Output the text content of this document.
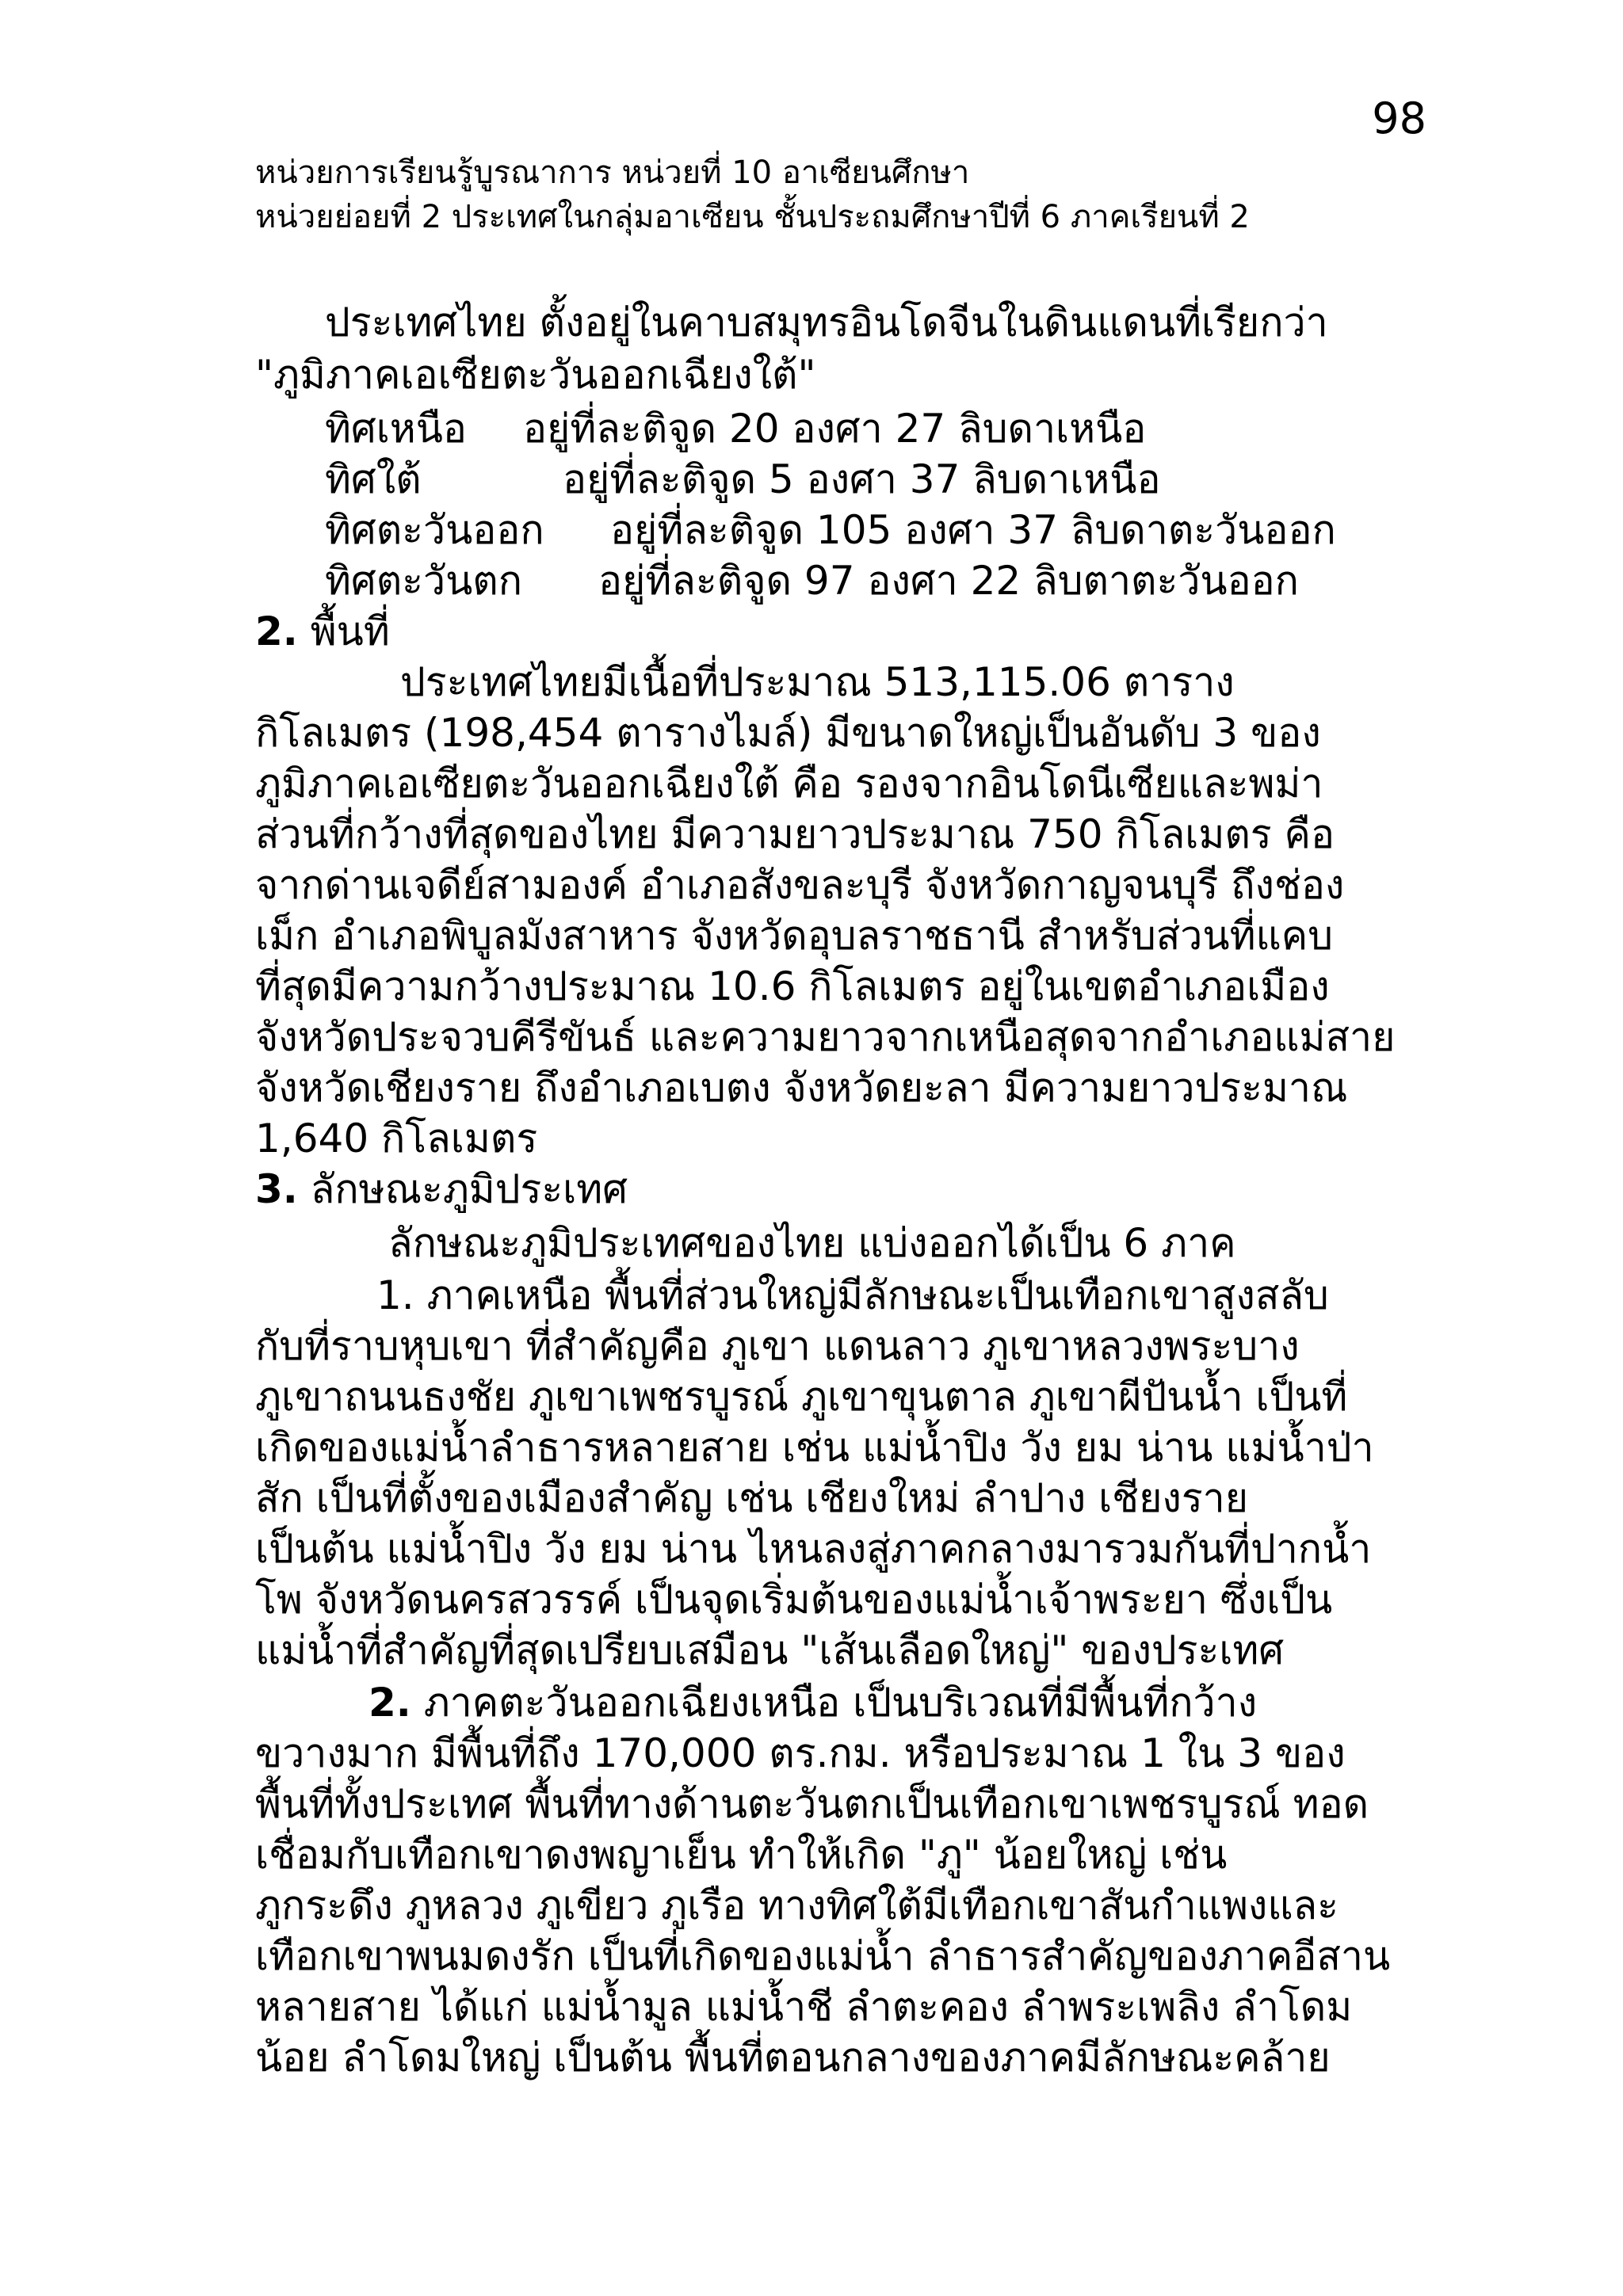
98
หน่วยการเรียนรู้บูรณาการ หน่วยที่ 10 อาเซียนศึกษา
หน่วยย่อยที่ 2 ประเทศในกลุ่มอาเซียน ชั้นประถมศึกษาปีที่ 6 ภาคเรียนที่ 2
ประเทศไทย ตั้งอยู่ในคาบสมุทรอินโดจีนในดินแดนที่เรียกว่า
"ภูมิภาคเอเซียตะวันออกเฉียงใต้"
ทิศเหนือ อยู่ที่ละติจูด 20 องศา 27 ลิบดาเหนือ
ทิศใต้	อยู่ที่ละติจูด 5 องศา 37 ลิบดาเหนือ
ทิศตะวันออก อยู่ที่ละติจูด 105 องศา 37 ลิบดาตะวันออก
ทิศตะวันตก อยู่ที่ละติจูด 97 องศา 22 ลิบตาตะวันออก
2. พื้นที่
ประเทศไทยมีเนื้อที่ประมาณ 513,115.06 ตาราง
กิโลเมตร (198,454 ตารางไมล์) มีขนาดใหญ่เป็นอันดับ 3 ของ
ภูมิภาคเอเซียตะวันออกเฉียงใต้ คือ รองจากอินโดนีเซียและพม่า
ส่วนที่กว้างที่สุดของไทย มีความยาวประมาณ 750 กิโลเมตร คือ
จากด่านเจดีย์สามองค์ อำเภอสังขละบุรี จังหวัดกาญจนบุรี ถึงช่อง
เม็ก อำเภอพิบูลมังสาหาร จังหวัดอุบลราชธานี สำหรับส่วนที่แคบ
ที่สุดมีความกว้างประมาณ 10.6 กิโลเมตร อยู่ในเขตอำเภอเมือง
จังหวัดประจวบคีรีขันธ์ และความยาวจากเหนือสุดจากอำเภอแม่สาย
จังหวัดเชียงราย ถึงอำเภอเบตง จังหวัดยะลา มีความยาวประมาณ
1,640 กิโลเมตร
3. ลักษณะภูมิประเทศ
ลักษณะภูมิประเทศของไทย แบ่งออกได้เป็น 6 ภาค
1. ภาคเหนือ พื้นที่ส่วนใหญ่มีลักษณะเป็นเทือกเขาสูงสลับ
กับที่ราบหุบเขา ที่สำคัญคือ ภูเขา แดนลาว ภูเขาหลวงพระบาง
ภูเขาถนนธงชัย ภูเขาเพชรบูรณ์ ภูเขาขุนตาล ภูเขาผีปันน้ำ เป็นที่
เกิดของแม่น้ำลำธารหลายสาย เช่น แม่น้ำปิง วัง ยม น่าน แม่น้ำป่า
สัก เป็นที่ตั้งของเมืองสำคัญ เช่น เชียงใหม่ ลำปาง เชียงราย
เป็นต้น แม่น้ำปิง วัง ยม น่าน ไหนลงสู่ภาคกลางมารวมกันที่ปากน้ำ
โพ จังหวัดนครสวรรค์ เป็นจุดเริ่มต้นของแม่น้ำเจ้าพระยา ซึ่งเป็น
แม่น้ำที่สำคัญที่สุดเปรียบเสมือน "เส้นเลือดใหญ่" ของประเทศ
2. ภาคตะวันออกเฉียงเหนือ เป็นบริเวณที่มีพื้นที่กว้าง
ขวางมาก มีพื้นที่ถึง 170,000 ตร.กม. หรือประมาณ 1 ใน 3 ของ
พื้นที่ทั้งประเทศ พื้นที่ทางด้านตะวันตกเป็นเทือกเขาเพชรบูรณ์ ทอด
เชื่อมกับเทือกเขาดงพญาเย็น ทำให้เกิด "ภู" น้อยใหญ่ เช่น
ภูกระดึง ภูหลวง ภูเขียว ภูเรือ ทางทิศใต้มีเทือกเขาสันกำแพงและ
เทือกเขาพนมดงรัก เป็นที่เกิดของแม่น้ำ ลำธารสำคัญของภาคอีสาน
หลายสาย ได้แก่ แม่น้ำมูล แม่น้ำชี ลำตะคอง ลำพระเพลิง ลำโดม
น้อย ลำโดมใหญ่ เป็นต้น พื้นที่ตอนกลางของภาคมีลักษณะคล้าย
